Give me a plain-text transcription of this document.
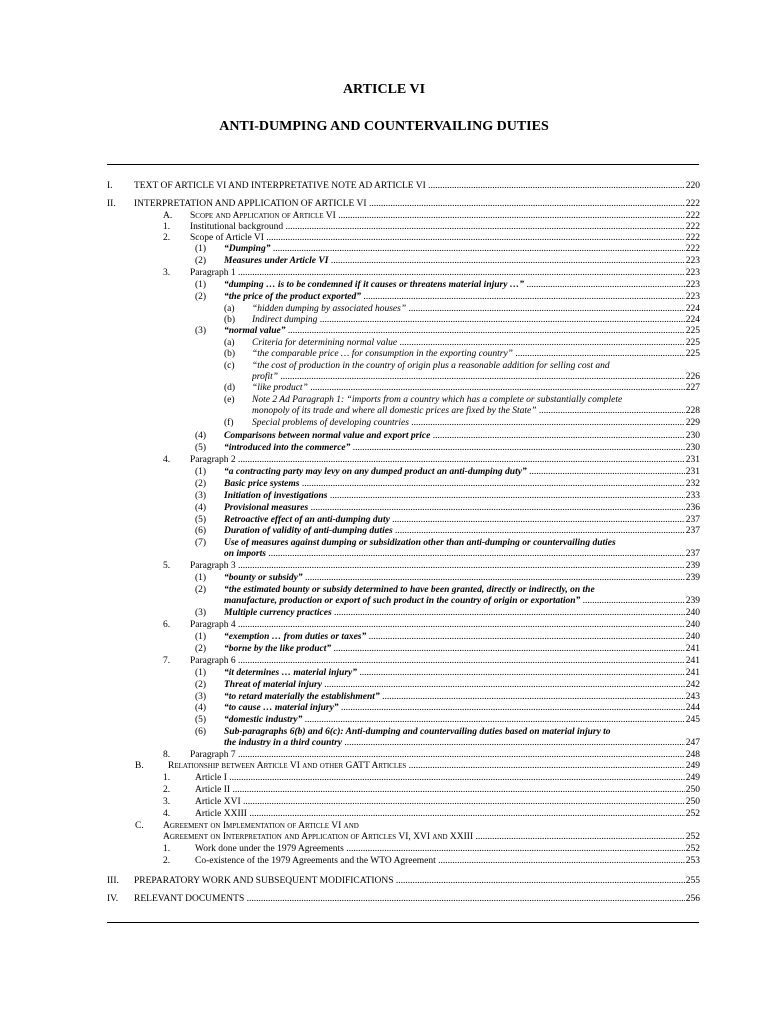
ARTICLE VI
ANTI-DUMPING AND COUNTERVAILING DUTIES
I. TEXT OF ARTICLE VI AND INTERPRETATIVE NOTE AD ARTICLE VI .....	220
II. INTERPRETATION AND APPLICATION OF ARTICLE VI .....	222
A. Scope and Application of Article VI .....	222
1. Institutional background .....	222
2. Scope of Article VI .....	222
(1) “Dumping” .....	222
(2) Measures under Article VI .....	223
3. Paragraph 1 .....	223
(1) “dumping … is to be condemned if it causes or threatens material injury …” .....	223
(2) “the price of the product exported” .....	223
(a) “hidden dumping by associated houses” .....	224
(b) Indirect dumping .....	224
(3) “normal value” .....	225
(a) Criteria for determining normal value .....	225
(b) “the comparable price … for consumption in the exporting country” .....	225
(c) “the cost of production in the country of origin plus a reasonable addition for selling cost and
profit” .....	226
(d) “like product” .....	227
(e) Note 2 Ad Paragraph 1: “imports from a country which has a complete or substantially complete
monopoly of its trade and where all domestic prices are fixed by the State” .....	228
(f) Special problems of developing countries .....	229
(4) Comparisons between normal value and export price .....	230
(5) “introduced into the commerce” .....	230
4. Paragraph 2 .....	231
(1) “a contracting party may levy on any dumped product an anti-dumping duty” .....	231
(2) Basic price systems .....	232
(3) Initiation of investigations .....	233
(4) Provisional measures .....	236
(5) Retroactive effect of an anti-dumping duty .....	237
(6) Duration of validity of anti-dumping duties .....	237
(7) Use of measures against dumping or subsidization other than anti-dumping or countervailing duties
on imports .....	237
5. Paragraph 3 .....	239
(1) “bounty or subsidy” .....	239
(2) “the estimated bounty or subsidy determined to have been granted, directly or indirectly, on the
manufacture, production or export of such product in the country of origin or exportation” .....	239
(3) Multiple currency practices .....	240
6. Paragraph 4 .....	240
(1) “exemption … from duties or taxes” .....	240
(2) “borne by the like product” .....	241
7. Paragraph 6 .....	241
(1) “it determines … material injury” .....	241
(2) Threat of material injury .....	242
(3) “to retard materially the establishment” .....	243
(4) “to cause … material injury” .....	244
(5) “domestic industry” .....	245
(6) Sub-paragraphs 6(b) and 6(c): Anti-dumping and countervailing duties based on material injury to
the industry in a third country .....	247
8. Paragraph 7 .....	248
B.	Relationship between Article VI and other GATT Articles .....	249
1.	Article I .....	249
2.	Article II .....	250
3.	Article XVI .....	250
4.	Article XXIII .....	252
C. Agreement on Implementation of Article VI and
Agreement on Interpretation and Application of Articles VI, XVI and XXIII .....	252
1.	Work done under the 1979 Agreements .....	252
2.	Co-existence of the 1979 Agreements and the WTO Agreement .....	253
III. PREPARATORY WORK AND SUBSEQUENT MODIFICATIONS .....	255
IV. RELEVANT DOCUMENTS .....	256
